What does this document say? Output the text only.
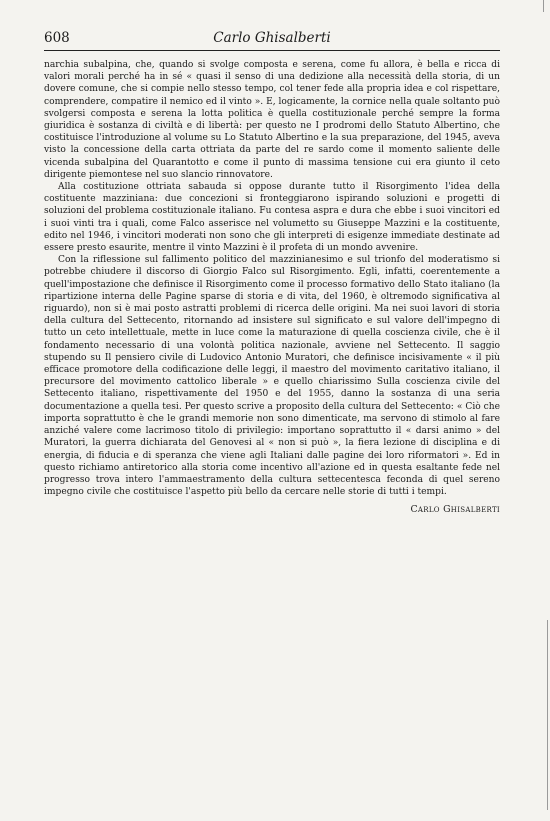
608	Carlo Ghisalberti

narchia subalpina, che, quando si svolge composta e serena, come fu allora, è bella e ricca di valori morali perché ha in sé « quasi il senso di una dedizione alla necessità della storia, di un dovere comune, che si compie nello stesso tempo, col tener fede alla propria idea e col rispettare, comprendere, compatire il nemico ed il vinto ». E, logicamente, la cornice nella quale soltanto può svolgersi composta e serena la lotta politica è quella costituzionale perché sempre la forma giuridica è sostanza di civiltà e di libertà: per questo ne I prodromi dello Statuto Albertino, che costituisce l'introduzione al volume su Lo Statuto Albertino e la sua preparazione, del 1945, aveva visto la concessione della carta ottriata da parte del re sardo come il momento saliente delle vicenda subalpina del Quarantotto e come il punto di massima tensione cui era giunto il ceto dirigente piemontese nel suo slancio rinnovatore.

Alla costituzione ottriata sabauda si oppose durante tutto il Risorgimento l'idea della costituente mazziniana: due concezioni si fronteggiarono ispirando soluzioni e progetti di soluzioni del problema costituzionale italiano. Fu contesa aspra e dura che ebbe i suoi vincitori ed i suoi vinti tra i quali, come Falco asserisce nel volumetto su Giuseppe Mazzini e la costituente, edito nel 1946, i vincitori moderati non sono che gli interpreti di esigenze immediate destinate ad essere presto esaurite, mentre il vinto Mazzini è il profeta di un mondo avvenire.

Con la riflessione sul fallimento politico del mazzinianesimo e sul trionfo del moderatismo si potrebbe chiudere il discorso di Giorgio Falco sul Risorgimento. Egli, infatti, coerentemente a quell'impostazione che definisce il Risorgimento come il processo formativo dello Stato italiano (la ripartizione interna delle Pagine sparse di storia e di vita, del 1960, è oltremodo significativa al riguardo), non si è mai posto astratti problemi di ricerca delle origini. Ma nei suoi lavori di storia della cultura del Settecento, ritornando ad insistere sul significato e sul valore dell'impegno di tutto un ceto intellettuale, mette in luce come la maturazione di quella coscienza civile, che è il fondamento necessario di una volontà politica nazionale, avviene nel Settecento. Il saggio stupendo su Il pensiero civile di Ludovico Antonio Muratori, che definisce incisivamente « il più efficace promotore della codificazione delle leggi, il maestro del movimento caritativo italiano, il precursore del movimento cattolico liberale » e quello chiarissimo Sulla coscienza civile del Settecento italiano, rispettivamente del 1950 e del 1955, danno la sostanza di una seria documentazione a quella tesi. Per questo scrive a proposito della cultura del Settecento: « Ciò che importa soprattutto è che le grandi memorie non sono dimenticate, ma servono di stimolo al fare anziché valere come lacrimoso titolo di privilegio: importano soprattutto il « darsi animo » del Muratori, la guerra dichiarata del Genovesi al « non si può », la fiera lezione di disciplina e di energia, di fiducia e di speranza che viene agli Italiani dalle pagine dei loro riformatori ». Ed in questo richiamo antiretorico alla storia come incentivo all'azione ed in questa esaltante fede nel progresso trova intero l'ammaestramento della cultura settecentesca feconda di quel sereno impegno civile che costituisce l'aspetto più bello da cercare nelle storie di tutti i tempi.

Carlo Ghisalberti
